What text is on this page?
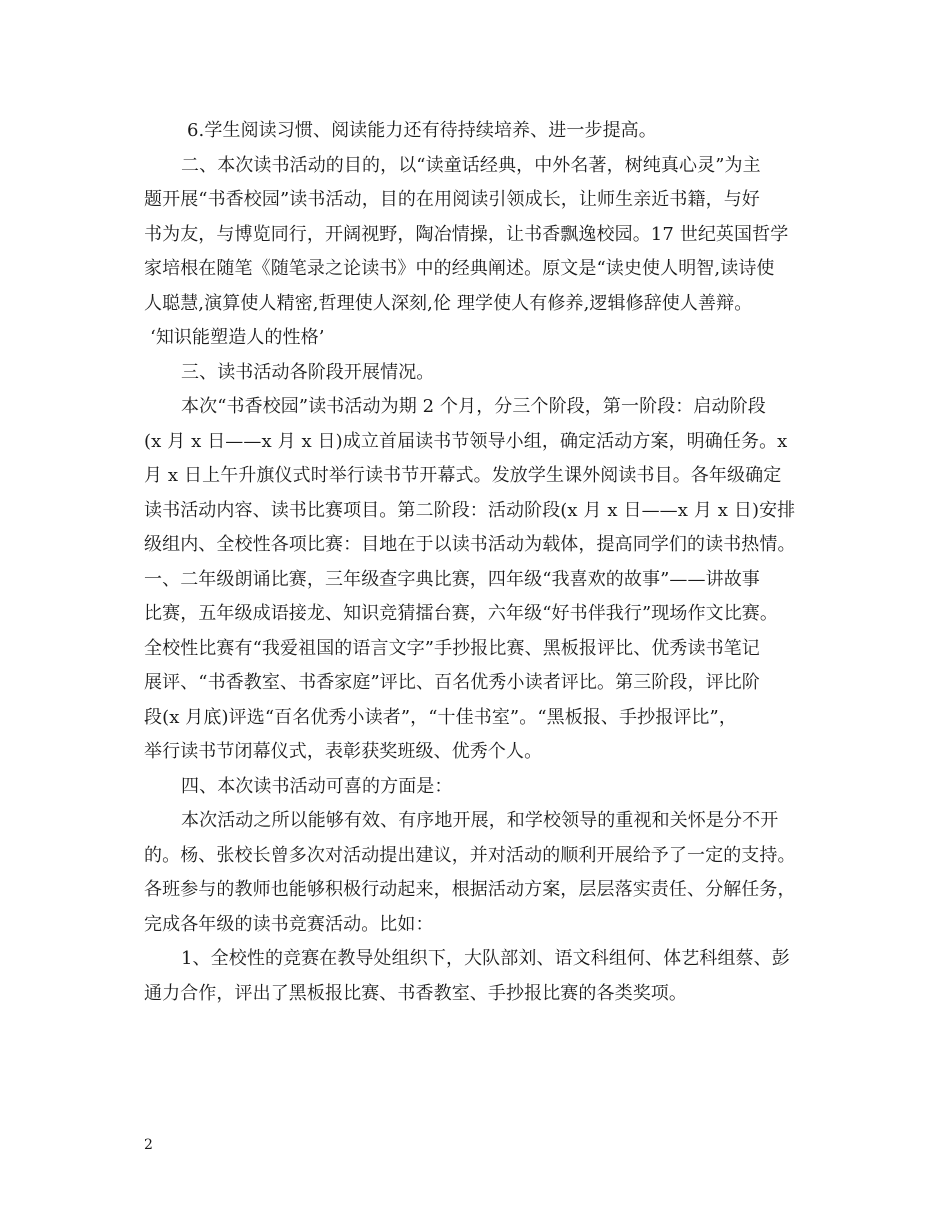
6.学生阅读习惯、阅读能力还有待持续培养、进一步提高。
二、本次读书活动的目的，以“读童话经典，中外名著，树纯真心灵”为主
题开展“书香校园”读书活动，目的在用阅读引领成长，让师生亲近书籍，与好
书为友，与博览同行，开阔视野，陶冶情操，让书香飘逸校园。17 世纪英国哲学
家培根在随笔《随笔录之论读书》中的经典阐述。原文是“读史使人明智,读诗使
人聪慧,演算使人精密,哲理使人深刻,伦 理学使人有修养,逻辑修辞使人善辩。
‘知识能塑造人的性格’
三、读书活动各阶段开展情况。
本次“书香校园”读书活动为期 2 个月，分三个阶段，第一阶段：启动阶段
(x 月 x 日——x 月 x 日)成立首届读书节领导小组，确定活动方案，明确任务。x
月 x 日上午升旗仪式时举行读书节开幕式。发放学生课外阅读书目。各年级确定
读书活动内容、读书比赛项目。第二阶段：活动阶段(x 月 x 日——x 月 x 日)安排
级组内、全校性各项比赛：目地在于以读书活动为载体，提高同学们的读书热情。
一、二年级朗诵比赛，三年级查字典比赛，四年级“我喜欢的故事”——讲故事
比赛，五年级成语接龙、知识竞猜擂台赛，六年级“好书伴我行”现场作文比赛。
全校性比赛有“我爱祖国的语言文字”手抄报比赛、黑板报评比、优秀读书笔记
展评、“书香教室、书香家庭”评比、百名优秀小读者评比。第三阶段，评比阶
段(x 月底)评选“百名优秀小读者”，“十佳书室”。“黑板报、手抄报评比”，
举行读书节闭幕仪式，表彰获奖班级、优秀个人。
四、本次读书活动可喜的方面是：
本次活动之所以能够有效、有序地开展，和学校领导的重视和关怀是分不开
的。杨、张校长曾多次对活动提出建议，并对活动的顺利开展给予了一定的支持。
各班参与的教师也能够积极行动起来，根据活动方案，层层落实责任、分解任务，
完成各年级的读书竞赛活动。比如：
1、全校性的竞赛在教导处组织下，大队部刘、语文科组何、体艺科组蔡、彭
通力合作，评出了黑板报比赛、书香教室、手抄报比赛的各类奖项。
2
